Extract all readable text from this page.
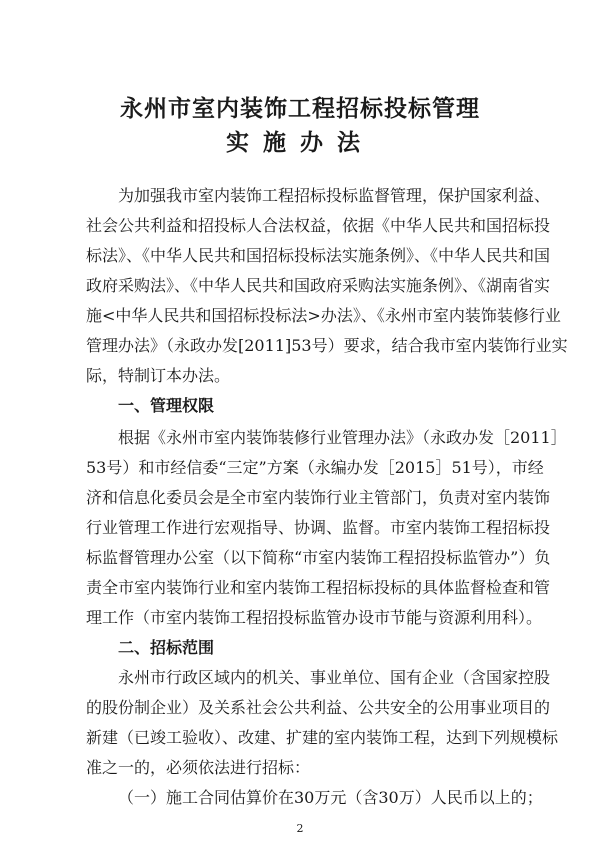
永州市室内装饰工程招标投标管理
实施办法
为加强我市室内装饰工程招标投标监督管理，保护国家利益、
社会公共利益和招投标人合法权益，依据《中华人民共和国招标投
标法》、《中华人民共和国招标投标法实施条例》、《中华人民共和国
政府采购法》、《中华人民共和国政府采购法实施条例》、《湖南省实
施<中华人民共和国招标投标法>办法》、《永州市室内装饰装修行业
管理办法》（永政办发[2011]53号）要求，结合我市室内装饰行业实
际，特制订本办法。
一、管理权限
根据《永州市室内装饰装修行业管理办法》（永政办发［2011］
53号）和市经信委“三定”方案（永编办发［2015］51号），市经
济和信息化委员会是全市室内装饰行业主管部门，负责对室内装饰
行业管理工作进行宏观指导、协调、监督。市室内装饰工程招标投
标监督管理办公室（以下简称“市室内装饰工程招投标监管办”）负
责全市室内装饰行业和室内装饰工程招标投标的具体监督检查和管
理工作（市室内装饰工程招投标监管办设市节能与资源利用科）。
二、招标范围
永州市行政区域内的机关、事业单位、国有企业（含国家控股
的股份制企业）及关系社会公共利益、公共安全的公用事业项目的
新建（已竣工验收）、改建、扩建的室内装饰工程，达到下列规模标
准之一的，必须依法进行招标：
（一）施工合同估算价在30万元（含30万）人民币以上的；
2
